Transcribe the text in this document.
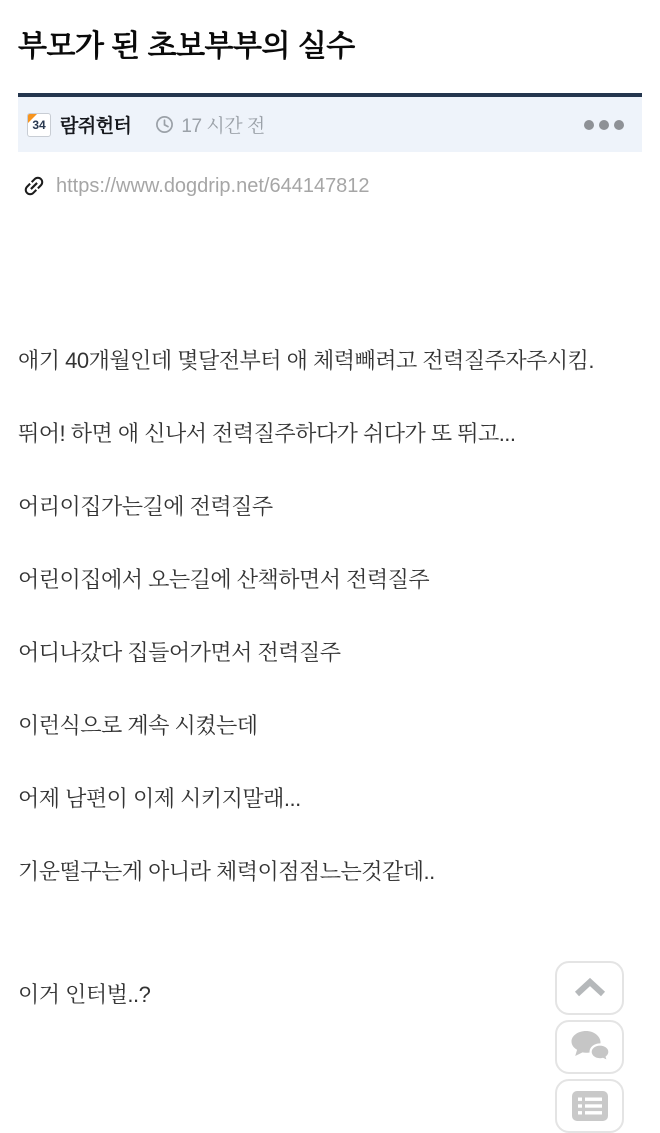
부모가 된 초보부부의 실수
34 람쥐헌터	17 시간 전
https://www.dogdrip.net/644147812

애기 40개월인데 몇달전부터 애 체력빼려고 전력질주자주시킴.

뛰어! 하면 애 신나서 전력질주하다가 쉬다가 또 뛰고...

어리이집가는길에 전력질주

어린이집에서 오는길에 산책하면서 전력질주

어디나갔다 집들어가면서 전력질주

이런식으로 계속 시켰는데

어제 남편이 이제 시키지말래...

기운떨구는게 아니라 체력이점점느는것같데..

이거 인터벌..?
